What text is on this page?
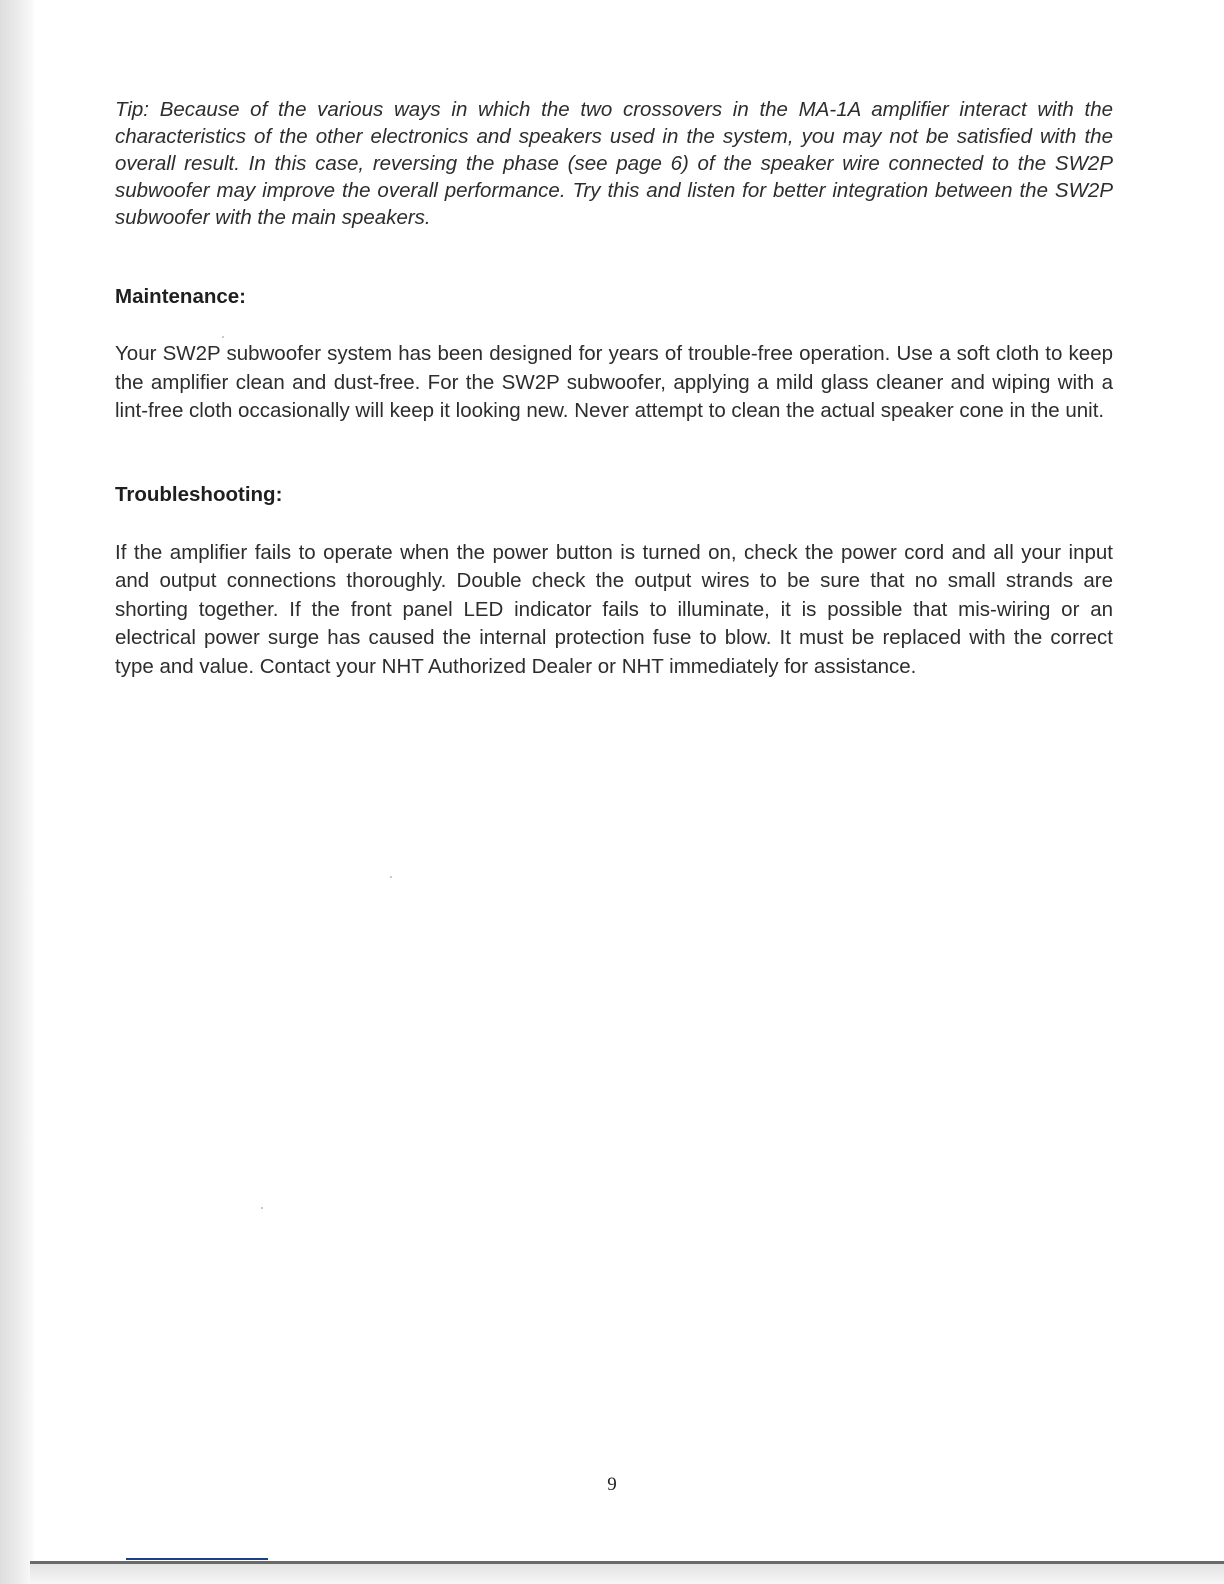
Tip: Because of the various ways in which the two crossovers in the MA-1A amplifier interact with the characteristics of the other electronics and speakers used in the system, you may not be satisfied with the overall result. In this case, reversing the phase (see page 6) of the speaker wire connected to the SW2P subwoofer may improve the overall performance. Try this and listen for better integration between the SW2P subwoofer with the main speakers.

Maintenance:

Your SW2P subwoofer system has been designed for years of trouble-free operation. Use a soft cloth to keep the amplifier clean and dust-free. For the SW2P subwoofer, applying a mild glass cleaner and wiping with a lint-free cloth occasionally will keep it looking new. Never attempt to clean the actual speaker cone in the unit.

Troubleshooting:

If the amplifier fails to operate when the power button is turned on, check the power cord and all your input and output connections thoroughly. Double check the output wires to be sure that no small strands are shorting together. If the front panel LED indicator fails to illuminate, it is possible that mis-wiring or an electrical power surge has caused the internal protection fuse to blow. It must be replaced with the correct type and value. Contact your NHT Authorized Dealer or NHT immediately for assistance.

9
